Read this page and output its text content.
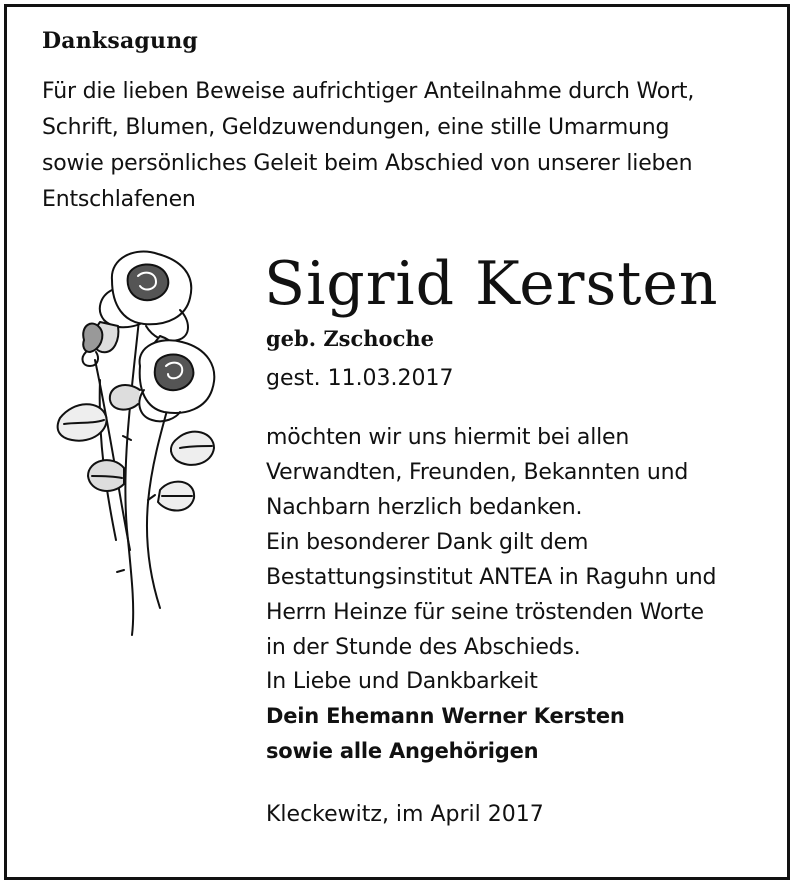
Danksagung
Für die lieben Beweise aufrichtiger Anteilnahme durch Wort,
Schrift, Blumen, Geldzuwendungen, eine stille Umarmung
sowie persönliches Geleit beim Abschied von unserer lieben
Entschlafenen
Sigrid Kersten
geb. Zschoche
gest. 11.03.2017
möchten wir uns hiermit bei allen
Verwandten, Freunden, Bekannten und
Nachbarn herzlich bedanken.
Ein besonderer Dank gilt dem
Bestattungsinstitut ANTEA in Raguhn und
Herrn Heinze für seine tröstenden Worte
in der Stunde des Abschieds.
In Liebe und Dankbarkeit
Dein Ehemann Werner Kersten
sowie alle Angehörigen
Kleckewitz, im April 2017
